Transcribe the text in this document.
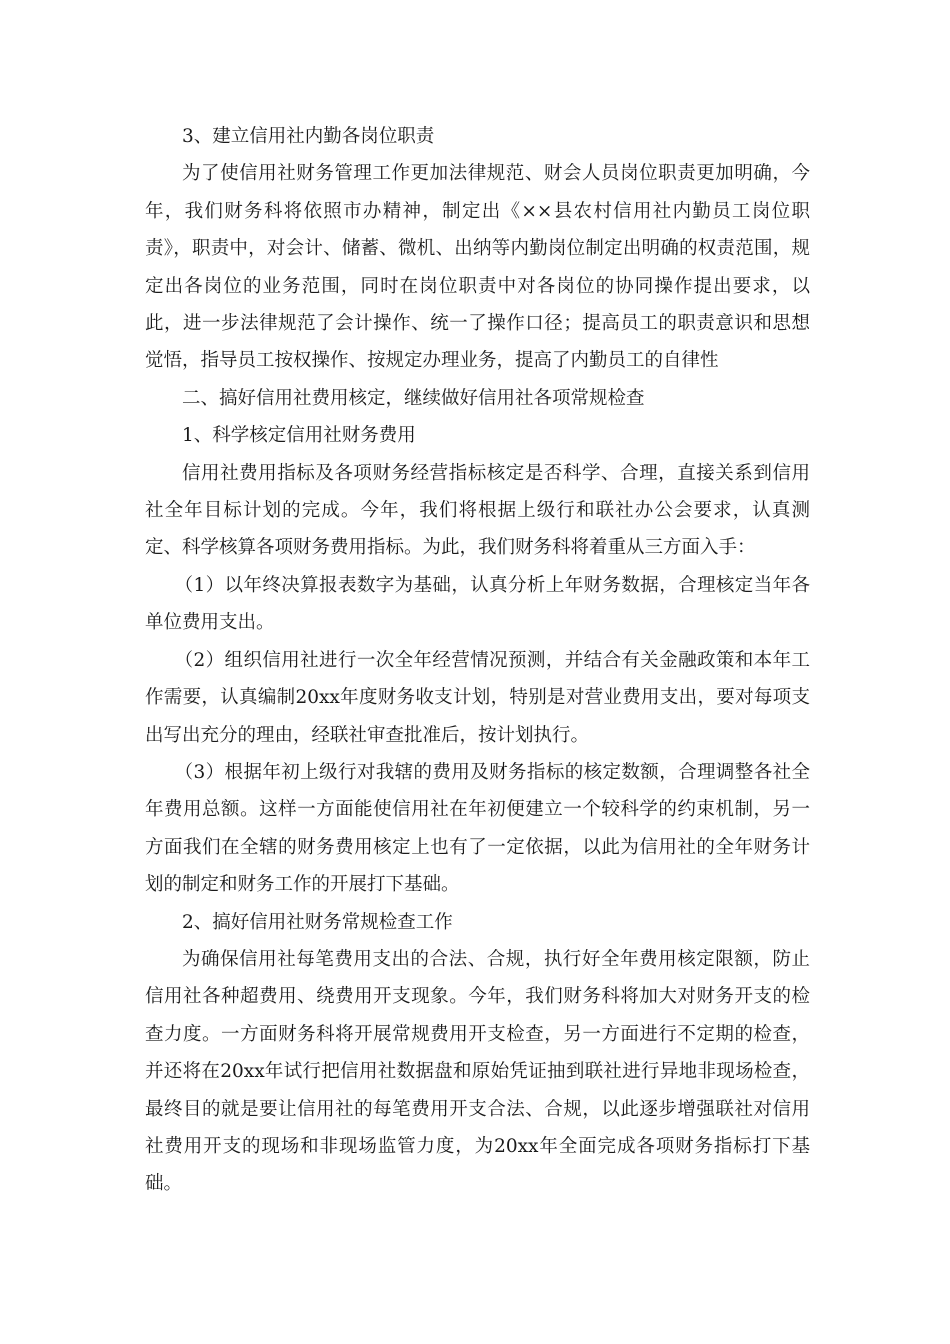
3、建立信用社内勤各岗位职责

为了使信用社财务管理工作更加法律规范、财会人员岗位职责更加明确，今年，我们财务科将依照市办精神，制定出《××县农村信用社内勤员工岗位职责》，职责中，对会计、储蓄、微机、出纳等内勤岗位制定出明确的权责范围，规定出各岗位的业务范围，同时在岗位职责中对各岗位的协同操作提出要求，以此，进一步法律规范了会计操作、统一了操作口径；提高员工的职责意识和思想觉悟，指导员工按权操作、按规定办理业务，提高了内勤员工的自律性

二、搞好信用社费用核定，继续做好信用社各项常规检查

1、科学核定信用社财务费用

信用社费用指标及各项财务经营指标核定是否科学、合理，直接关系到信用社全年目标计划的完成。今年，我们将根据上级行和联社办公会要求，认真测定、科学核算各项财务费用指标。为此，我们财务科将着重从三方面入手：

（1）以年终决算报表数字为基础，认真分析上年财务数据，合理核定当年各单位费用支出。

（2）组织信用社进行一次全年经营情况预测，并结合有关金融政策和本年工作需要，认真编制20xx年度财务收支计划，特别是对营业费用支出，要对每项支出写出充分的理由，经联社审查批准后，按计划执行。

（3）根据年初上级行对我辖的费用及财务指标的核定数额，合理调整各社全年费用总额。这样一方面能使信用社在年初便建立一个较科学的约束机制，另一方面我们在全辖的财务费用核定上也有了一定依据，以此为信用社的全年财务计划的制定和财务工作的开展打下基础。

2、搞好信用社财务常规检查工作

为确保信用社每笔费用支出的合法、合规，执行好全年费用核定限额，防止信用社各种超费用、绕费用开支现象。今年，我们财务科将加大对财务开支的检查力度。一方面财务科将开展常规费用开支检查，另一方面进行不定期的检查，并还将在20xx年试行把信用社数据盘和原始凭证抽到联社进行异地非现场检查，最终目的就是要让信用社的每笔费用开支合法、合规，以此逐步增强联社对信用社费用开支的现场和非现场监管力度，为20xx年全面完成各项财务指标打下基础。
